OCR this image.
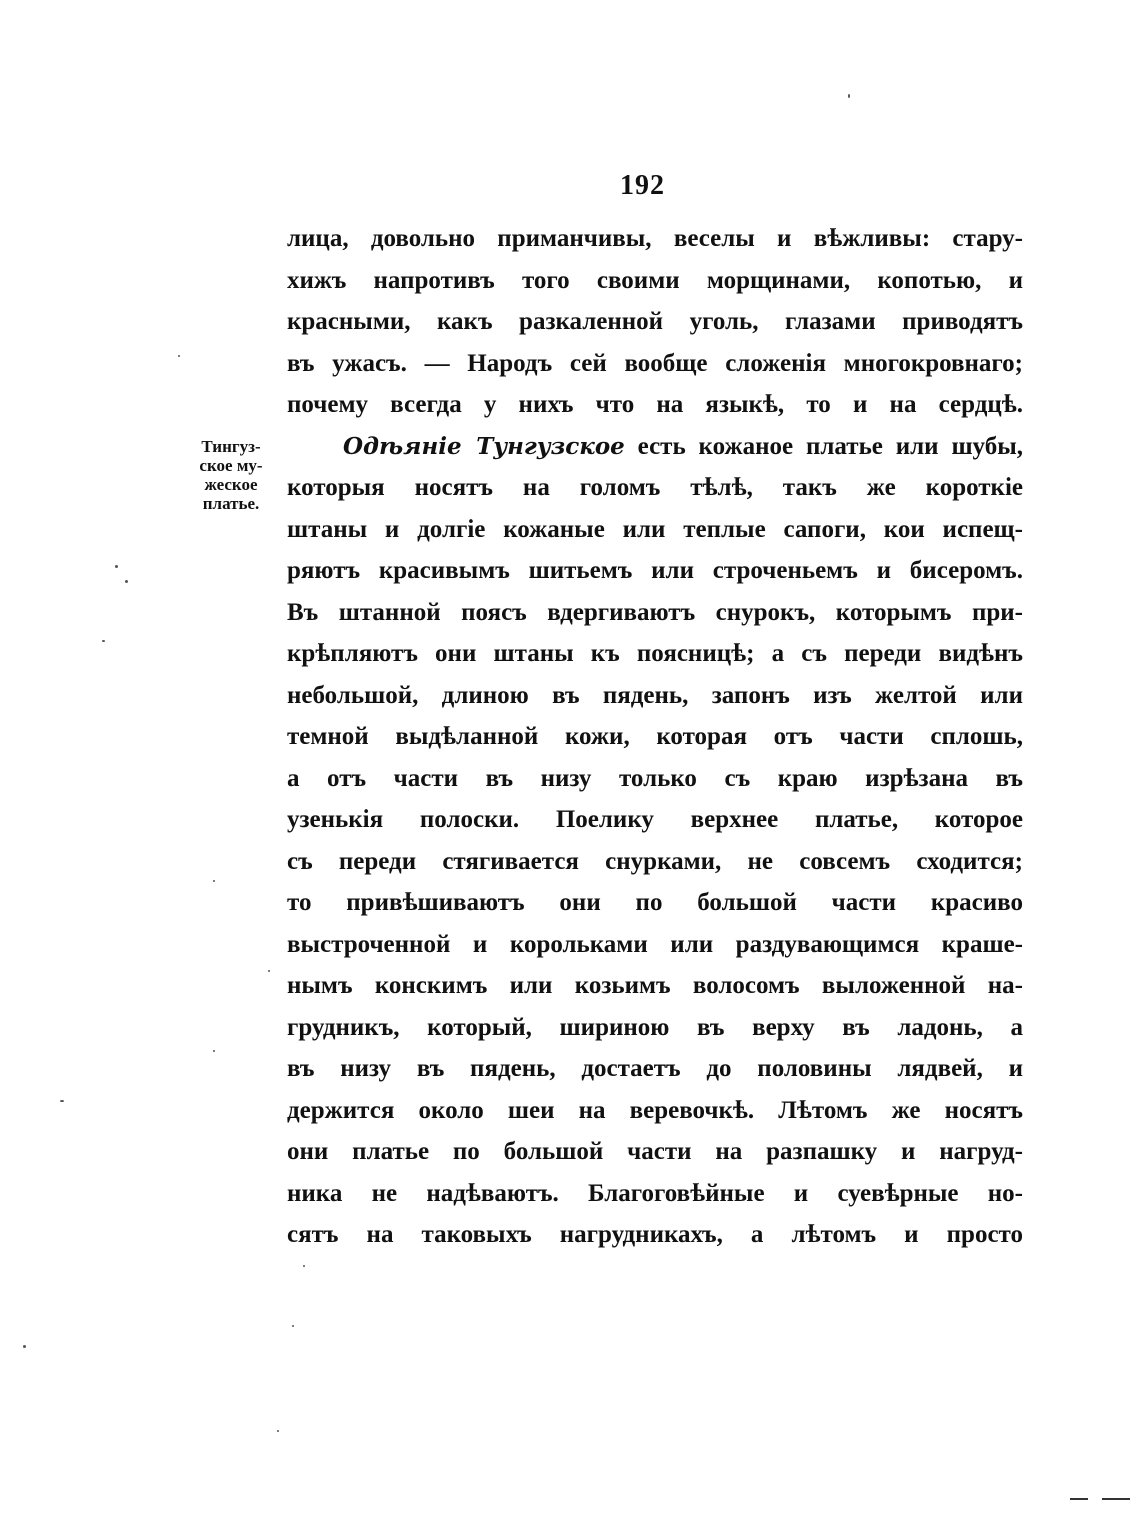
192
Тингуз-
ское му-
жеское
платье.
лица, довольно приманчивы, веселы и вѣжливы: стару-
хижъ напротивъ того своими морщинами, копотью, и
красными, какъ разкаленной уголь, глазами приводятъ
въ ужасъ. — Народъ сей вообще сложенія многокровнаго;
почему всегда у нихъ что на языкѣ, то и на сердцѣ.
Одѣяніе Тунгузское есть кожаное платье или шубы,
которыя носятъ на голомъ тѣлѣ, такъ же короткіе
штаны и долгіе кожаные или теплые сапоги, кои испещ-
ряютъ красивымъ шитьемъ или строченьемъ и бисеромъ.
Въ штанной поясъ вдергиваютъ снурокъ, которымъ при-
крѣпляютъ они штаны къ поясницѣ; а съ переди видѣнъ
небольшой, длиною въ пядень, запонъ изъ желтой или
темной выдѣланной кожи, которая отъ части сплошь,
а отъ части въ низу только съ краю изрѣзана въ
узенькія полоски. Поелику верхнее платье, которое
съ переди стягивается снурками, не совсемъ сходится;
то привѣшиваютъ они по большой части красиво
выстроченной и корольками или раздувающимся краше-
нымъ конскимъ или козьимъ волосомъ выложенной на-
грудникъ, который, шириною въ верху въ ладонь, а
въ низу въ пядень, достаетъ до половины лядвей, и
держится около шеи на веревочкѣ. Лѣтомъ же носятъ
они платье по большой части на разпашку и нагруд-
ника не надѣваютъ. Благоговѣйные и суевѣрные но-
сятъ на таковыхъ нагрудникахъ, а лѣтомъ и просто
